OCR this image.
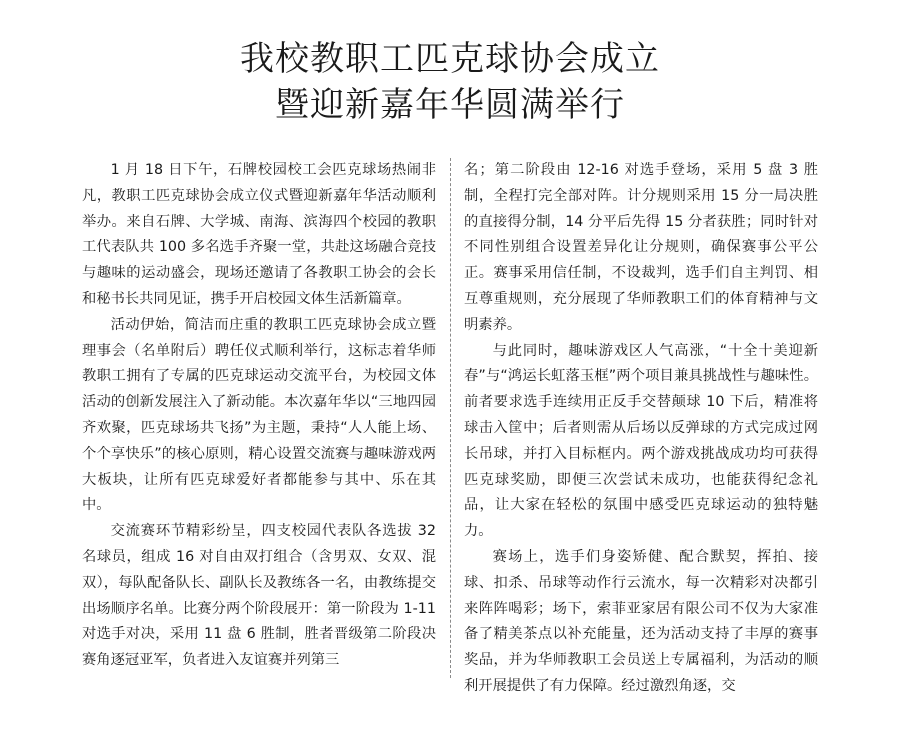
我校教职工匹克球协会成立
暨迎新嘉年华圆满举行

1 月 18 日下午，石牌校园校工会匹克球场热闹非凡，教职工匹克球协会成立仪式暨迎新嘉年华活动顺利举办。来自石牌、大学城、南海、滨海四个校园的教职工代表队共 100 多名选手齐聚一堂，共赴这场融合竞技与趣味的运动盛会，现场还邀请了各教职工协会的会长和秘书长共同见证，携手开启校园文体生活新篇章。

活动伊始，简洁而庄重的教职工匹克球协会成立暨理事会（名单附后）聘任仪式顺利举行，这标志着华师教职工拥有了专属的匹克球运动交流平台，为校园文体活动的创新发展注入了新动能。本次嘉年华以“三地四园齐欢聚，匹克球场共飞扬”为主题，秉持“人人能上场、个个享快乐”的核心原则，精心设置交流赛与趣味游戏两大板块，让所有匹克球爱好者都能参与其中、乐在其中。

交流赛环节精彩纷呈，四支校园代表队各选拔 32 名球员，组成 16 对自由双打组合（含男双、女双、混双），每队配备队长、副队长及教练各一名，由教练提交出场顺序名单。比赛分两个阶段展开：第一阶段为 1-11 对选手对决，采用 11 盘 6 胜制，胜者晋级第二阶段决赛角逐冠亚军，负者进入友谊赛并列第三

名；第二阶段由 12-16 对选手登场，采用 5 盘 3 胜制，全程打完全部对阵。计分规则采用 15 分一局决胜的直接得分制，14 分平后先得 15 分者获胜；同时针对不同性别组合设置差异化让分规则，确保赛事公平公正。赛事采用信任制，不设裁判，选手们自主判罚、相互尊重规则，充分展现了华师教职工们的体育精神与文明素养。

与此同时，趣味游戏区人气高涨，“十全十美迎新春”与“鸿运长虹落玉框”两个项目兼具挑战性与趣味性。前者要求选手连续用正反手交替颠球 10 下后，精准将球击入筐中；后者则需从后场以反弹球的方式完成过网长吊球，并打入目标框内。两个游戏挑战成功均可获得匹克球奖励，即便三次尝试未成功，也能获得纪念礼品，让大家在轻松的氛围中感受匹克球运动的独特魅力。

赛场上，选手们身姿矫健、配合默契，挥拍、接球、扣杀、吊球等动作行云流水，每一次精彩对决都引来阵阵喝彩；场下，索菲亚家居有限公司不仅为大家准备了精美茶点以补充能量，还为活动支持了丰厚的赛事奖品，并为华师教职工会员送上专属福利，为活动的顺利开展提供了有力保障。经过激烈角逐，交
